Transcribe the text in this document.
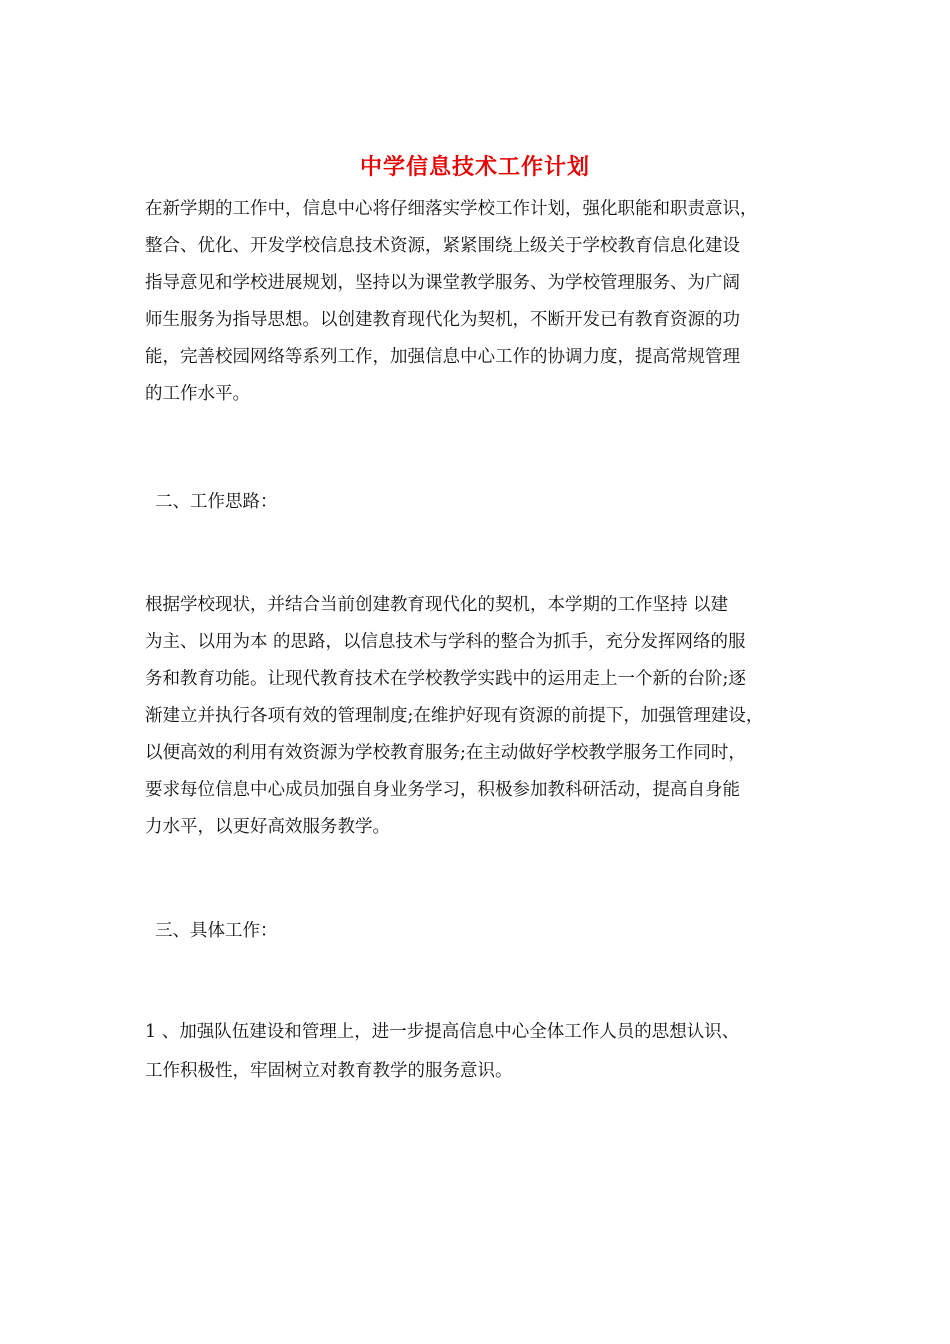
中学信息技术工作计划
在新学期的工作中，信息中心将仔细落实学校工作计划，强化职能和职责意识，
整合、优化、开发学校信息技术资源，紧紧围绕上级关于学校教育信息化建设
指导意见和学校进展规划，坚持以为课堂教学服务、为学校管理服务、为广阔
师生服务为指导思想。以创建教育现代化为契机，不断开发已有教育资源的功
能，完善校园网络等系列工作，加强信息中心工作的协调力度，提高常规管理
的工作水平。
二、工作思路：
根据学校现状，并结合当前创建教育现代化的契机，本学期的工作坚持 以建
为主、以用为本 的思路，以信息技术与学科的整合为抓手，充分发挥网络的服
务和教育功能。让现代教育技术在学校教学实践中的运用走上一个新的台阶;逐
渐建立并执行各项有效的管理制度;在维护好现有资源的前提下，加强管理建设，
以便高效的利用有效资源为学校教育服务;在主动做好学校教学服务工作同时，
要求每位信息中心成员加强自身业务学习，积极参加教科研活动，提高自身能
力水平，以更好高效服务教学。
三、具体工作：
1 、加强队伍建设和管理上，进一步提高信息中心全体工作人员的思想认识、
工作积极性，牢固树立对教育教学的服务意识。
